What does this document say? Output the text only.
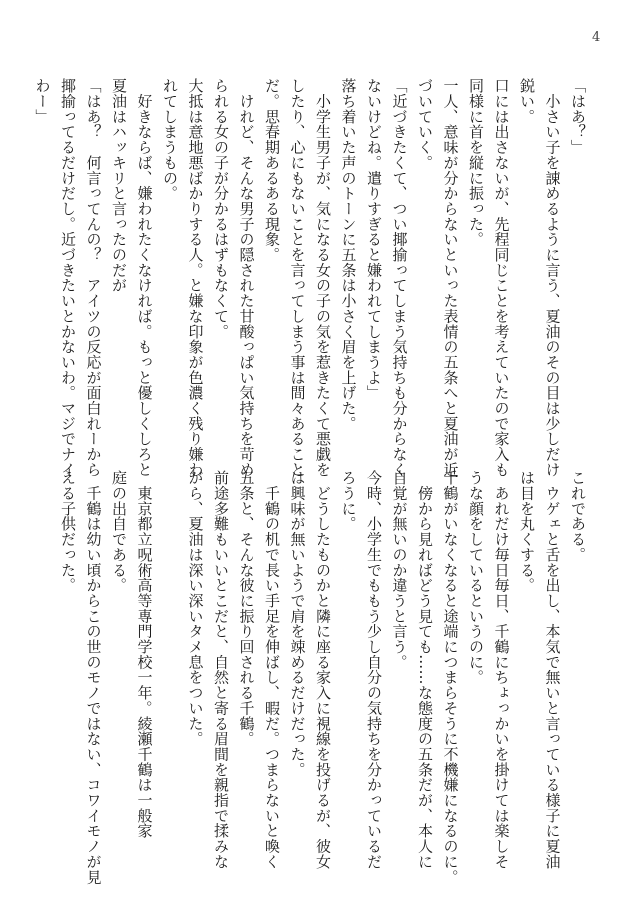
4
「はあ？」
　小さい子を諌めるように言う、夏油のその目は少しだけ
鋭い。
口には出さないが、先程同じことを考えていたので家入も
同様に首を縦に振った。
一人、意味が分からないといった表情の五条へと夏油が近
づいていく。
「近づきたくて、つい揶揄ってしまう気持ちも分からなく
ないけどね。遣りすぎると嫌われてしまうよ」
落ち着いた声のトーンに五条は小さく眉を上げた。
　小学生男子が、気になる女の子の気を惹きたくて悪戯を
したり、心にもないことを言ってしまう事は間々あること
だ。思春期あるある現象。
　けれど、そんな男子の隠された甘酸っぱい気持ちを苛め
られる女の子が分かるはずもなくて。
大抵は意地悪ばかりする人。と嫌な印象が色濃く残り嫌わ
れてしまうもの。
　好きならば、嫌われたくなければ。もっと優しくしろと
夏油はハッキリと言ったのだが
「はあ？　何言ってんの？　アイツの反応が面白れーから
揶揄ってるだけだし。近づきたいとかないわ。マジでナイ
わー」
これである。
　ウゲェと舌を出し、本気で無いと言っている様子に夏油
は目を丸くする。
　あれだけ毎日毎日、千鶴にちょっかいを掛けては楽しそ
うな顔をしているというのに。
千鶴がいなくなると途端につまらそうに不機嫌になるのに。
　傍から見ればどう見ても……な態度の五条だが、本人に
自覚が無いのか違うと言う。
今時、小学生でももう少し自分の気持ちを分かっているだ
ろうに。
　どうしたものかと隣に座る家入に視線を投げるが、彼女
は興味が無いようで肩を竦めるだけだった。
　千鶴の机で長い手足を伸ばし、暇だ。つまらないと喚く
五条と、そんな彼に振り回される千鶴。
前途多難もいいとこだと、自然と寄る眉間を親指で揉みな
がら、夏油は深い深いタメ息をついた。

　東京都立呪術高等専門学校一年。綾瀬千鶴は一般家
庭の出自である。
　千鶴は幼い頃からこの世のモノではない、コワイモノが見
える子供だった。
